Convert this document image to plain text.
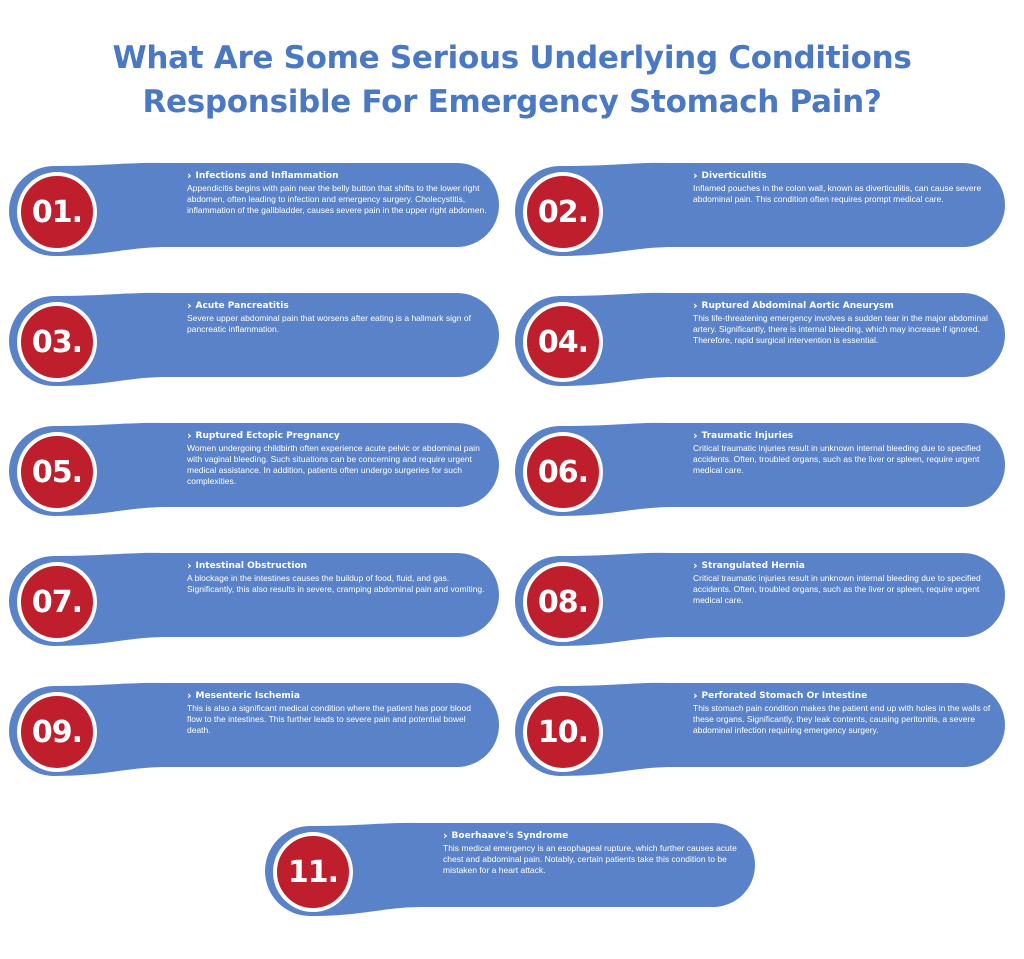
What Are Some Serious Underlying Conditions
Responsible For Emergency Stomach Pain?
01.
› Infections and Inflammation
Appendicitis begins with pain near the belly button that shifts to the lower right abdomen, often leading to infection and emergency surgery. Cholecystitis, inflammation of the gallbladder, causes severe pain in the upper right abdomen. 02.
› Diverticulitis
Inflamed pouches in the colon wall, known as diverticulitis, can cause severe abdominal pain. This condition often requires prompt medical care.
03.
› Acute Pancreatitis
Severe upper abdominal pain that worsens after eating is a hallmark sign of pancreatic inflammation.	04.
› Ruptured Abdominal Aortic Aneurysm
This life-threatening emergency involves a sudden tear in the major abdominal artery. Significantly, there is internal bleeding, which may increase if ignored. Therefore, rapid surgical intervention is essential.
05.
› Ruptured Ectopic Pregnancy
Women undergoing childbirth often experience acute pelvic or abdominal pain with vaginal bleeding. Such situations can be concerning and require urgent medical assistance. In addition, patients often undergo surgeries for such complexities.	06.
› Traumatic Injuries
Critical traumatic injuries result in unknown internal bleeding due to specified accidents. Often, troubled organs, such as the liver or spleen, require urgent medical care.
07.
› Intestinal Obstruction
A blockage in the intestines causes the buildup of food, fluid, and gas. Significantly, this also results in severe, cramping abdominal pain and vomiting. 08.
› Strangulated Hernia
Critical traumatic injuries result in unknown internal bleeding due to specified accidents. Often, troubled organs, such as the liver or spleen, require urgent medical care.
09.
› Mesenteric Ischemia
This is also a significant medical condition where the patient has poor blood flow to the intestines. This further leads to severe pain and potential bowel death.	10.
› Perforated Stomach Or Intestine
This stomach pain condition makes the patient end up with holes in the walls of these organs. Significantly, they leak contents, causing peritonitis, a severe abdominal infection requiring emergency surgery.
11.
› Boerhaave's Syndrome
This medical emergency is an esophageal rupture, which further causes acute chest and abdominal pain. Notably, certain patients take this condition to be mistaken for a heart attack.
